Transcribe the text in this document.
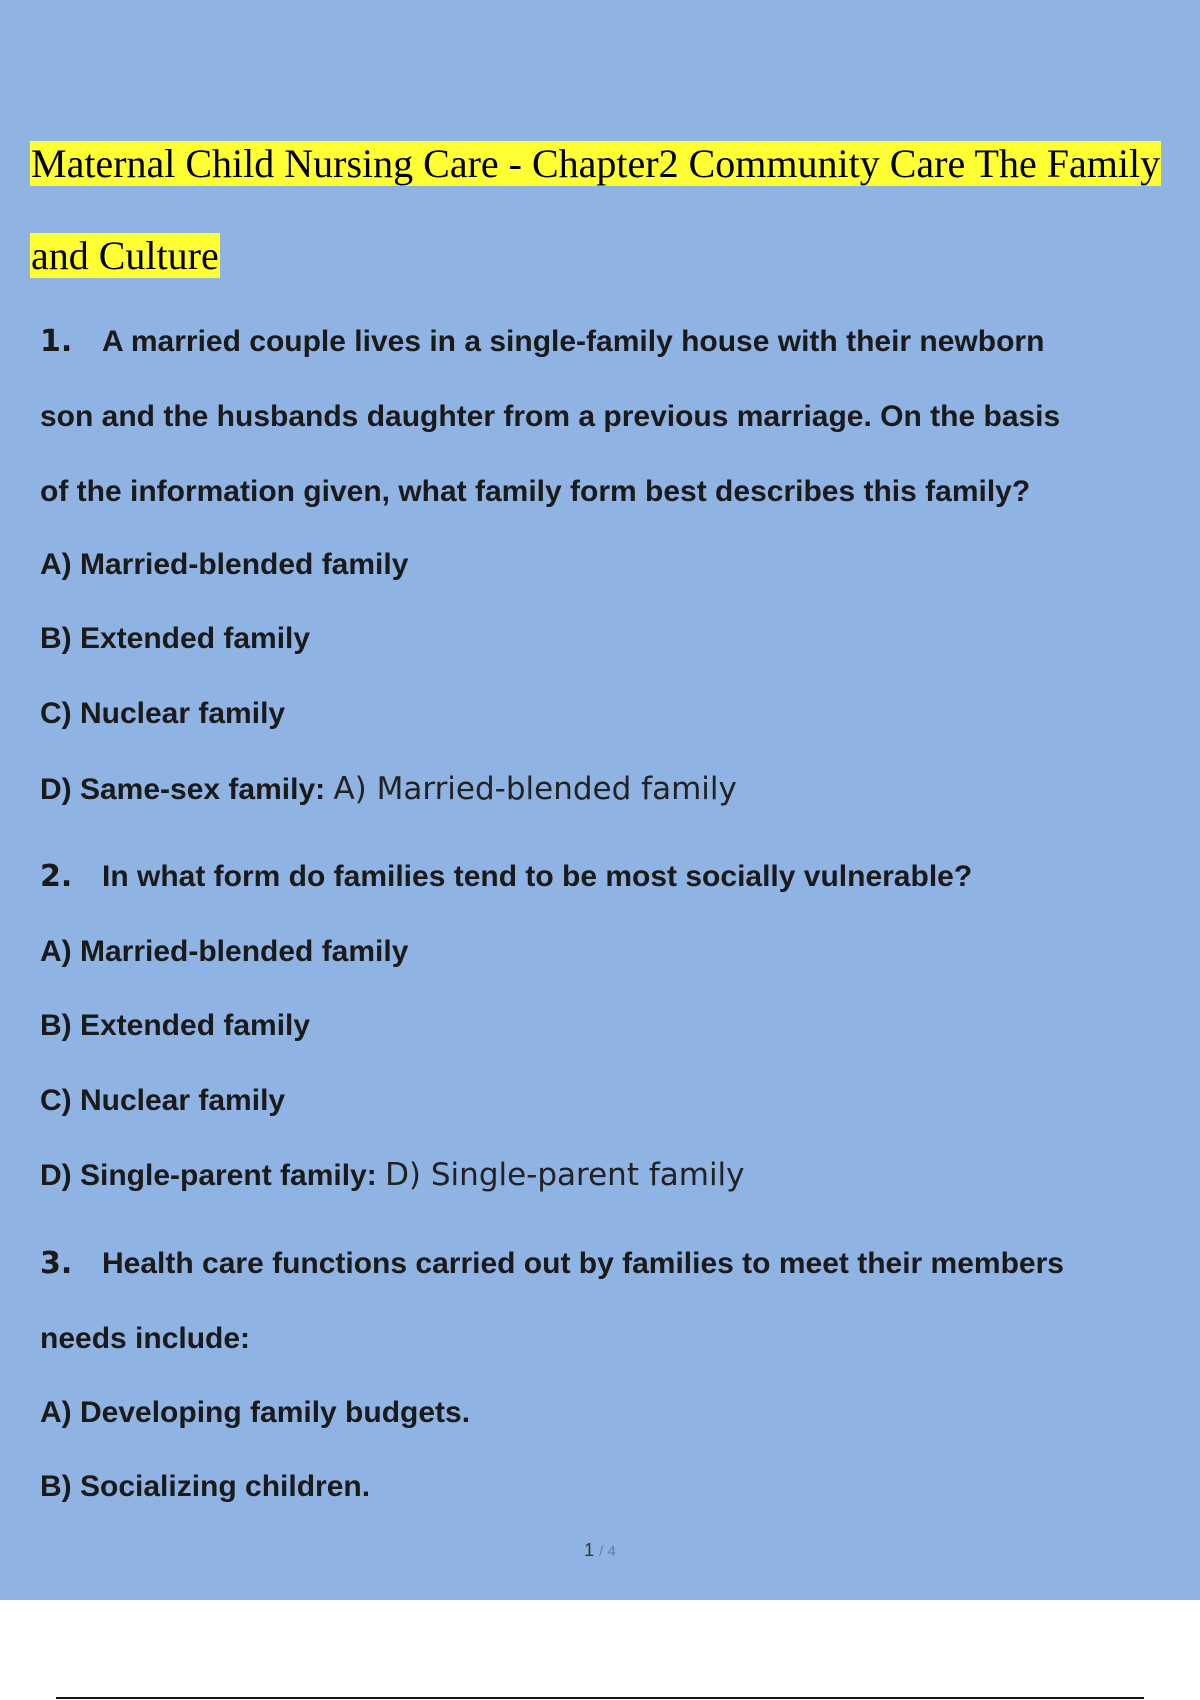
Maternal Child Nursing Care - Chapter2 Community Care The Family
and Culture
1. A married couple lives in a single-family house with their newborn
son and the husbands daughter from a previous marriage. On the basis
of the information given, what family form best describes this family?
A) Married-blended family
B) Extended family
C) Nuclear family
D) Same-sex family: A) Married-blended family
2. In what form do families tend to be most socially vulnerable?
A) Married-blended family
B) Extended family
C) Nuclear family
D) Single-parent family: D) Single-parent family
3. Health care functions carried out by families to meet their members
needs include:
A) Developing family budgets.
B) Socializing children.
1 / 4
